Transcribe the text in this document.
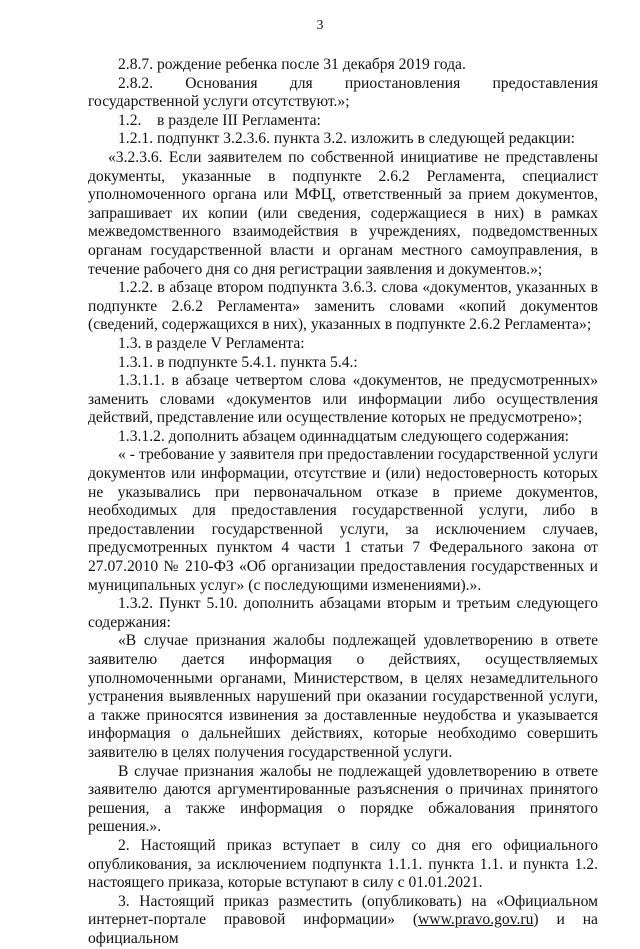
3

2.8.7. рождение ребенка после 31 декабря 2019 года.

2.8.2. Основания для приостановления предоставления государственной услуги отсутствуют.»;

1.2.    в разделе III Регламента:

1.2.1. подпункт 3.2.3.6. пункта 3.2. изложить в следующей редакции:

«3.2.3.6. Если заявителем по собственной инициативе не представлены документы, указанные в подпункте 2.6.2 Регламента, специалист уполномоченного органа или МФЦ, ответственный за прием документов, запрашивает их копии (или сведения, содержащиеся в них) в рамках межведомственного взаимодействия в учреждениях, подведомственных органам государственной власти и органам местного самоуправления, в течение рабочего дня со дня регистрации заявления и документов.»;

1.2.2. в абзаце втором подпункта 3.6.3. слова «документов, указанных в подпункте 2.6.2 Регламента» заменить словами «копий документов (сведений, содержащихся в них), указанных в подпункте 2.6.2 Регламента»;

1.3. в разделе V Регламента:

1.3.1. в подпункте 5.4.1. пункта 5.4.:

1.3.1.1. в абзаце четвертом слова «документов, не предусмотренных» заменить словами «документов или информации либо осуществления действий, представление или осуществление которых не предусмотрено»;

1.3.1.2. дополнить абзацем одиннадцатым следующего содержания:

« - требование у заявителя при предоставлении государственной услуги документов или информации, отсутствие и (или) недостоверность которых не указывались при первоначальном отказе в приеме документов, необходимых для предоставления государственной услуги, либо в предоставлении государственной услуги, за исключением случаев, предусмотренных пунктом 4 части 1 статьи 7 Федерального закона от 27.07.2010 № 210-ФЗ «Об организации предоставления государственных и муниципальных услуг» (с последующими изменениями).».

1.3.2. Пункт 5.10. дополнить абзацами вторым и третьим следующего содержания:

«В случае признания жалобы подлежащей удовлетворению в ответе заявителю дается информация о действиях, осуществляемых уполномоченными органами, Министерством, в целях незамедлительного устранения выявленных нарушений при оказании государственной услуги, а также приносятся извинения за доставленные неудобства и указывается информация о дальнейших действиях, которые необходимо совершить заявителю в целях получения государственной услуги.

В случае признания жалобы не подлежащей удовлетворению в ответе заявителю даются аргументированные разъяснения о причинах принятого решения, а также информация о порядке обжалования принятого решения.».

2. Настоящий приказ вступает в силу со дня его официального опубликования, за исключением подпункта 1.1.1. пункта 1.1. и пункта 1.2. настоящего приказа, которые вступают в силу с 01.01.2021.

3. Настоящий приказ разместить (опубликовать) на «Официальном интернет-портале правовой информации» (www.pravo.gov.ru) и на официальном
